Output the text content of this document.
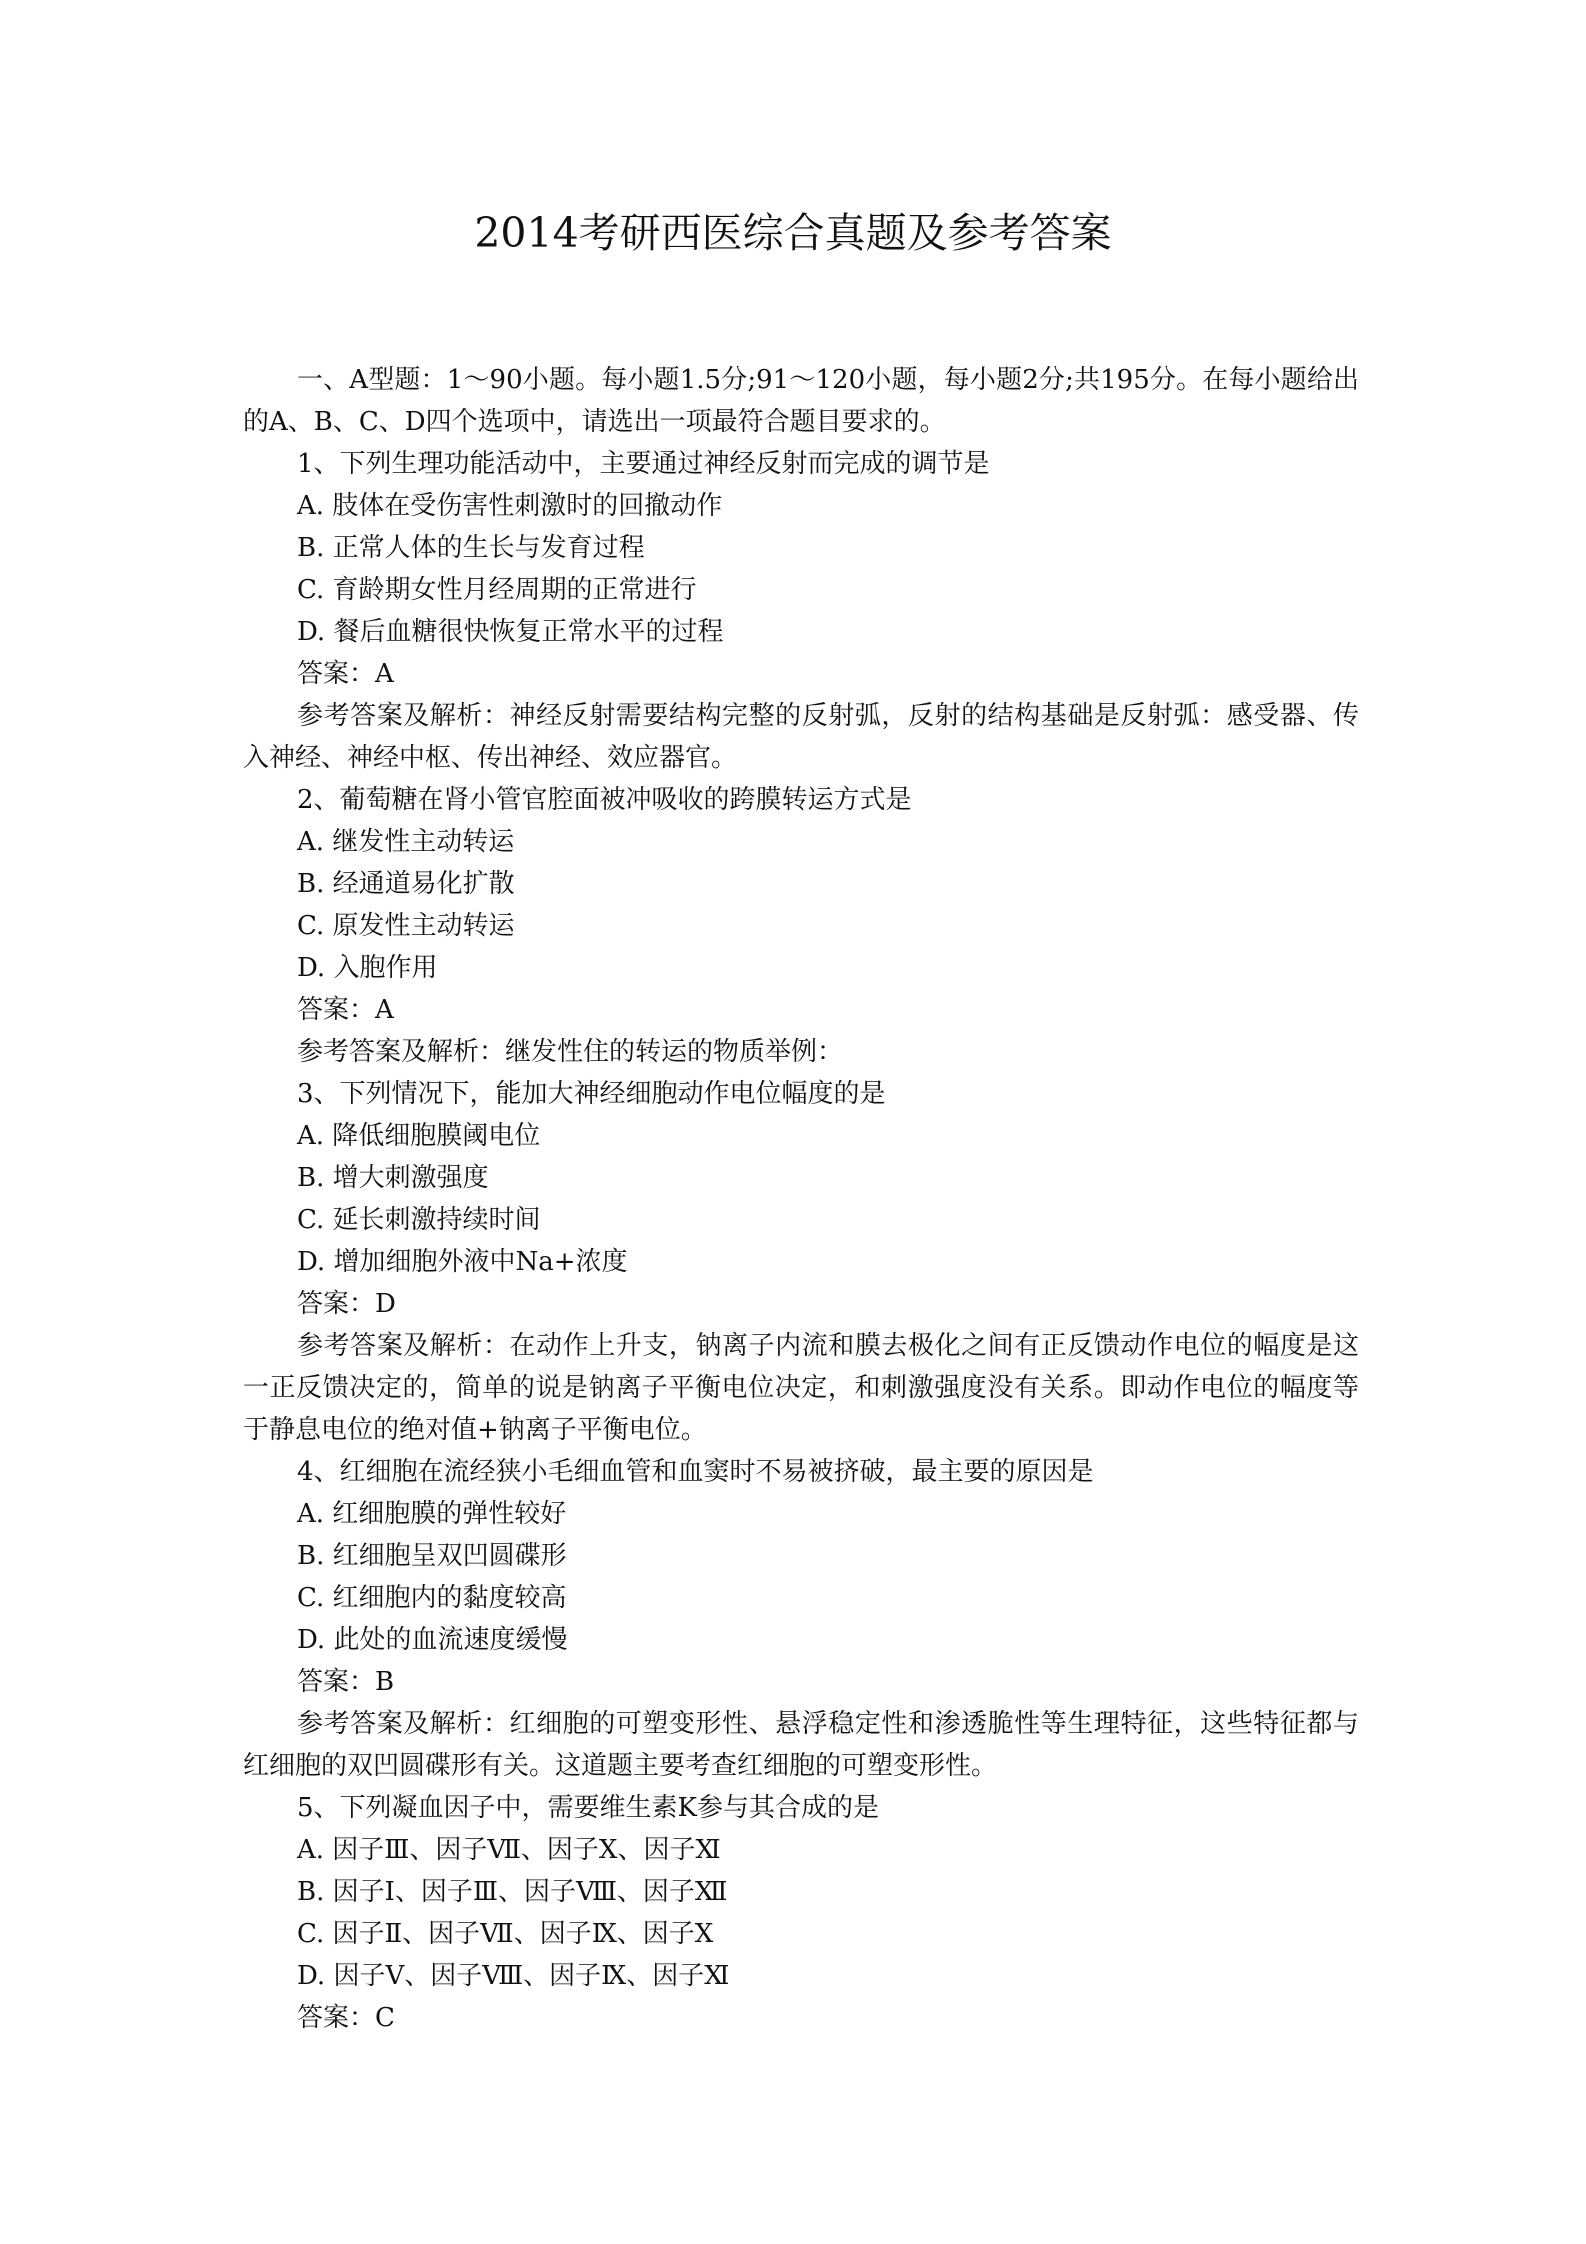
2014考研西医综合真题及参考答案

一、A型题：1～90小题。每小题1.5分;91～120小题，每小题2分;共195分。在每小题给出的A、B、C、D四个选项中，请选出一项最符合题目要求的。

1、下列生理功能活动中，主要通过神经反射而完成的调节是

A. 肢体在受伤害性刺激时的回撤动作

B. 正常人体的生长与发育过程

C. 育龄期女性月经周期的正常进行

D. 餐后血糖很快恢复正常水平的过程

答案：A

参考答案及解析：神经反射需要结构完整的反射弧，反射的结构基础是反射弧：感受器、传入神经、神经中枢、传出神经、效应器官。

2、葡萄糖在肾小管官腔面被冲吸收的跨膜转运方式是

A. 继发性主动转运

B. 经通道易化扩散

C. 原发性主动转运

D. 入胞作用

答案：A

参考答案及解析：继发性住的转运的物质举例：

3、下列情况下，能加大神经细胞动作电位幅度的是

A. 降低细胞膜阈电位

B. 增大刺激强度

C. 延长刺激持续时间

D. 增加细胞外液中Na+浓度

答案：D

参考答案及解析：在动作上升支，钠离子内流和膜去极化之间有正反馈动作电位的幅度是这一正反馈决定的，简单的说是钠离子平衡电位决定，和刺激强度没有关系。即动作电位的幅度等于静息电位的绝对值+钠离子平衡电位。

4、红细胞在流经狭小毛细血管和血窦时不易被挤破，最主要的原因是

A. 红细胞膜的弹性较好

B. 红细胞呈双凹圆碟形

C. 红细胞内的黏度较高

D. 此处的血流速度缓慢

答案：B

参考答案及解析：红细胞的可塑变形性、悬浮稳定性和渗透脆性等生理特征，这些特征都与红细胞的双凹圆碟形有关。这道题主要考查红细胞的可塑变形性。

5、下列凝血因子中，需要维生素K参与其合成的是

A. 因子Ⅲ、因子Ⅶ、因子Ⅹ、因子Ⅺ

B. 因子Ⅰ、因子Ⅲ、因子Ⅷ、因子Ⅻ

C. 因子Ⅱ、因子Ⅶ、因子Ⅸ、因子Ⅹ

D. 因子Ⅴ、因子Ⅷ、因子Ⅸ、因子Ⅺ

答案：C
